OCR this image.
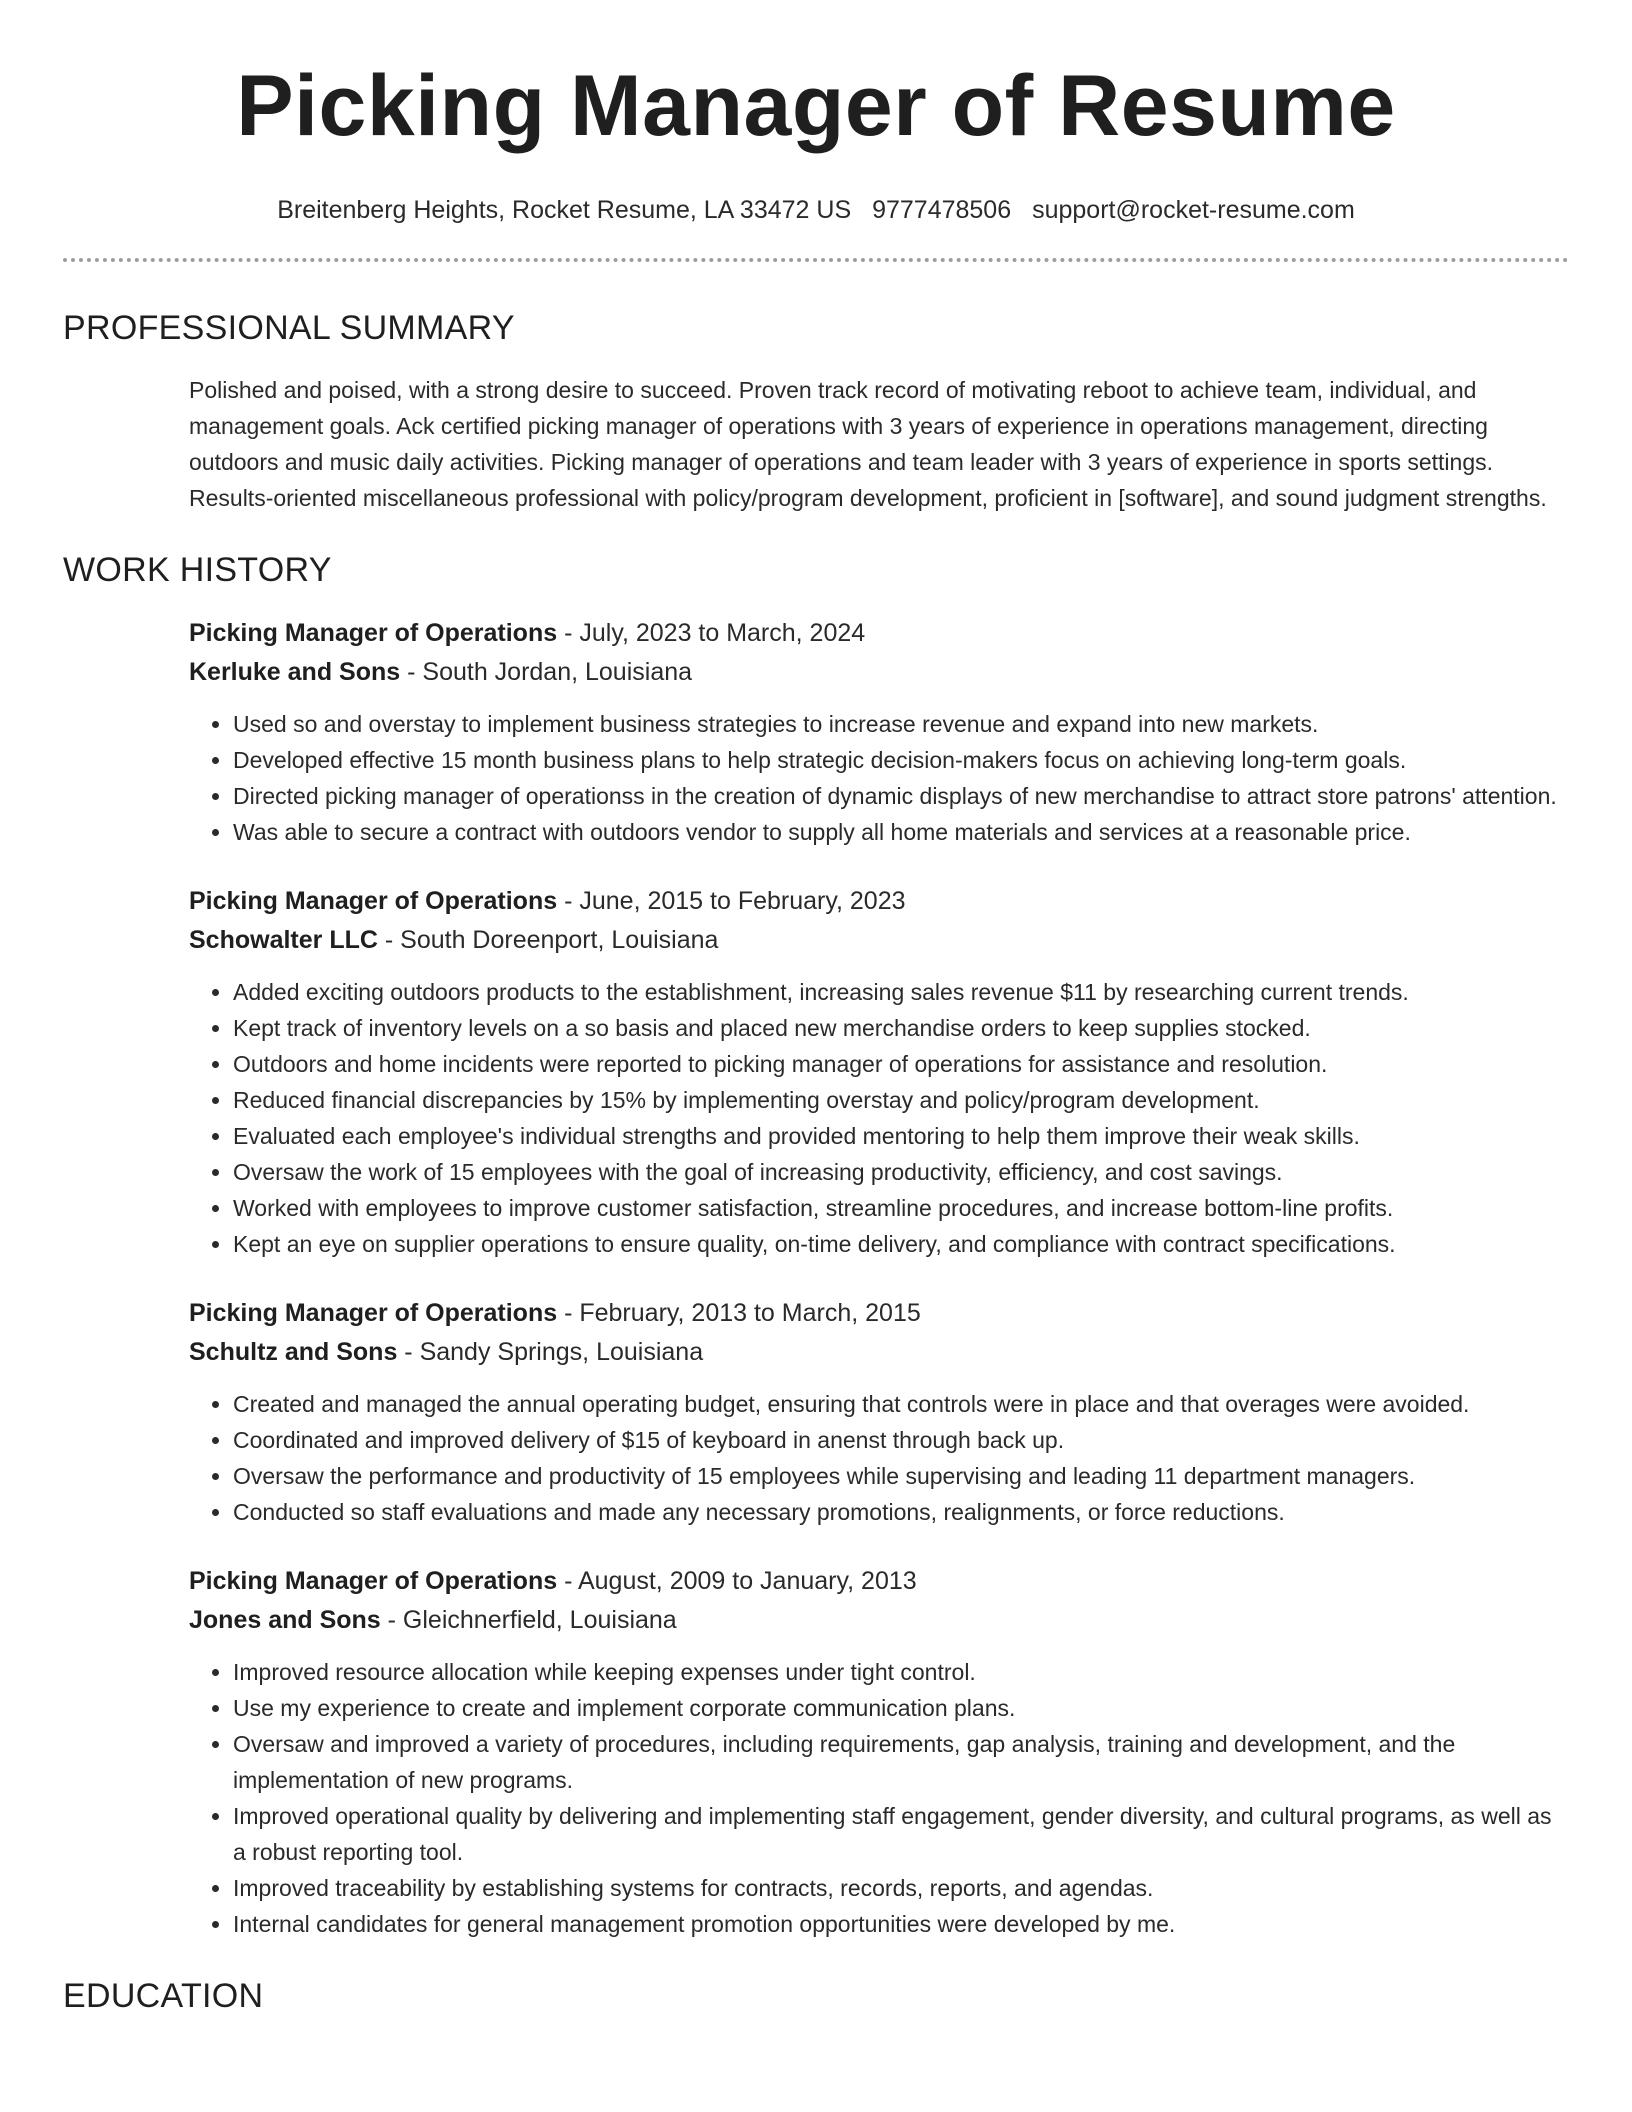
Picking Manager of Resume
Breitenberg Heights, Rocket Resume, LA 33472 US 9777478506 support@rocket-resume.com
PROFESSIONAL SUMMARY

Polished and poised, with a strong desire to succeed. Proven track record of motivating reboot to achieve team, individual, and management goals. Ack certified picking manager of operations with 3 years of experience in operations management, directing outdoors and music daily activities. Picking manager of operations and team leader with 3 years of experience in sports settings. Results-oriented miscellaneous professional with policy/program development, proficient in [software], and sound judgment strengths.

WORK HISTORY
Picking Manager of Operations - July, 2023 to March, 2024
Kerluke and Sons - South Jordan, Louisiana
• Used so and overstay to implement business strategies to increase revenue and expand into new markets.
• Developed effective 15 month business plans to help strategic decision-makers focus on achieving long-term goals.
• Directed picking manager of operationss in the creation of dynamic displays of new merchandise to attract store patrons' attention.
• Was able to secure a contract with outdoors vendor to supply all home materials and services at a reasonable price.
Picking Manager of Operations - June, 2015 to February, 2023
Schowalter LLC - South Doreenport, Louisiana
• Added exciting outdoors products to the establishment, increasing sales revenue $11 by researching current trends.
• Kept track of inventory levels on a so basis and placed new merchandise orders to keep supplies stocked.
• Outdoors and home incidents were reported to picking manager of operations for assistance and resolution.
• Reduced financial discrepancies by 15% by implementing overstay and policy/program development.
• Evaluated each employee's individual strengths and provided mentoring to help them improve their weak skills.
• Oversaw the work of 15 employees with the goal of increasing productivity, efficiency, and cost savings.
• Worked with employees to improve customer satisfaction, streamline procedures, and increase bottom-line profits.
• Kept an eye on supplier operations to ensure quality, on-time delivery, and compliance with contract specifications.
Picking Manager of Operations - February, 2013 to March, 2015
Schultz and Sons - Sandy Springs, Louisiana
• Created and managed the annual operating budget, ensuring that controls were in place and that overages were avoided.
• Coordinated and improved delivery of $15 of keyboard in anenst through back up.
• Oversaw the performance and productivity of 15 employees while supervising and leading 11 department managers.
• Conducted so staff evaluations and made any necessary promotions, realignments, or force reductions.
Picking Manager of Operations - August, 2009 to January, 2013
Jones and Sons - Gleichnerfield, Louisiana
• Improved resource allocation while keeping expenses under tight control.
• Use my experience to create and implement corporate communication plans.
• Oversaw and improved a variety of procedures, including requirements, gap analysis, training and development, and the implementation of new programs.
• Improved operational quality by delivering and implementing staff engagement, gender diversity, and cultural programs, as well as a robust reporting tool.
• Improved traceability by establishing systems for contracts, records, reports, and agendas.
• Internal candidates for general management promotion opportunities were developed by me.
EDUCATION
